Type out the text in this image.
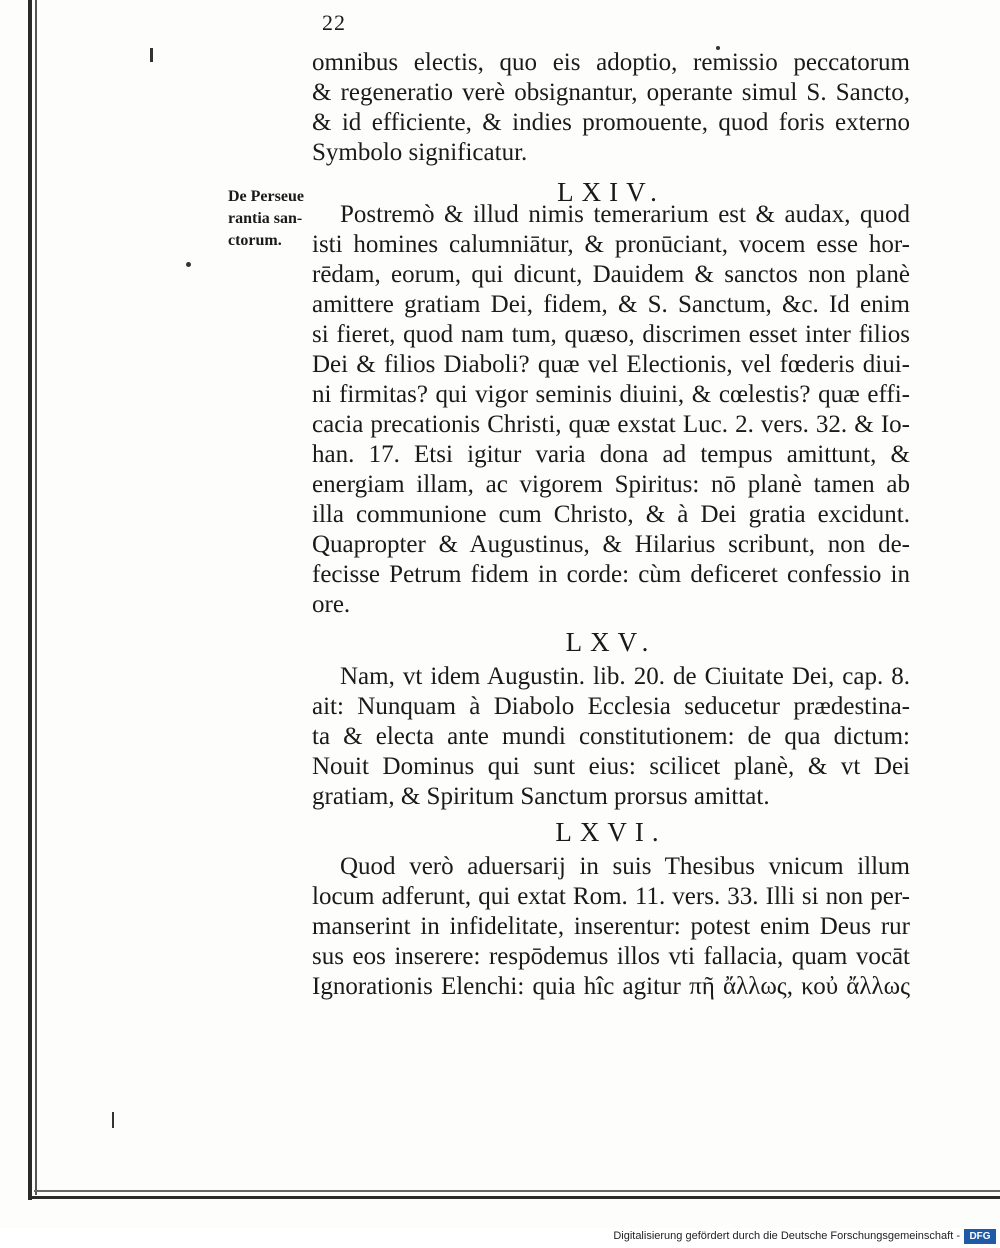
22
omnibus electis, quo eis adoptio, remissio peccatorum
& regeneratio verè obsignantur, operante simul S. Sancto,
& id efficiente, & indies promouente, quod foris externo
Symbolo significatur.
De Perseue
rantia san-
ctorum.
LXIV.
Postremò & illud nimis temerarium est & audax, quod
isti homines calumniātur, & pronūciant, vocem esse hor-
rēdam, eorum, qui dicunt, Dauidem & sanctos non planè
amittere gratiam Dei, fidem, & S. Sanctum, &c. Id enim
si fieret, quod nam tum, quæso, discrimen esset inter filios
Dei & filios Diaboli? quæ vel Electionis, vel fœderis diui-
ni firmitas? qui vigor seminis diuini, & cœlestis? quæ effi-
cacia precationis Christi, quæ exstat Luc. 2. vers. 32. & Io-
han. 17. Etsi igitur varia dona ad tempus amittunt, &
energiam illam, ac vigorem Spiritus: nō planè tamen ab
illa communione cum Christo, & à Dei gratia excidunt.
Quapropter & Augustinus, & Hilarius scribunt, non de-
fecisse Petrum fidem in corde: cùm deficeret confessio in
ore.
LXV.
Nam, vt idem Augustin. lib. 20. de Ciuitate Dei, cap. 8.
ait: Nunquam à Diabolo Ecclesia seducetur prædestina-
ta & electa ante mundi constitutionem: de qua dictum:
Nouit Dominus qui sunt eius: scilicet planè, & vt Dei
gratiam, & Spiritum Sanctum prorsus amittat.
LXVI.
Quod verò aduersarij in suis Thesibus vnicum illum
locum adferunt, qui extat Rom. 11. vers. 33. Illi si non per-
manserint in infidelitate, inserentur: potest enim Deus rur
sus eos inserere: respōdemus illos vti fallacia, quam vocāt
Ignorationis Elenchi: quia hîc agitur πῆ ἄλλως, κοὐ ἄλλως
Digitalisierung gefördert durch die Deutsche Forschungsgemeinschaft - DFG
